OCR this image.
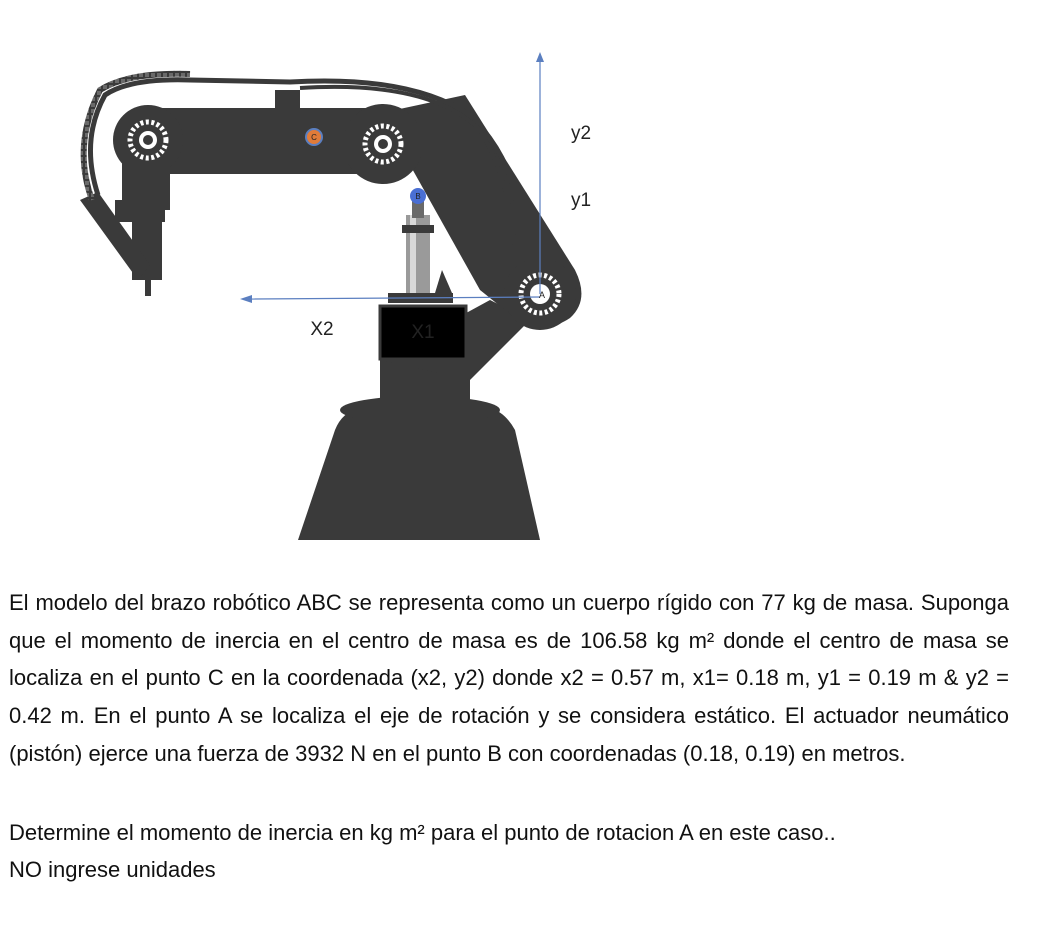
C
B
A
X1
X2
y2
y1

El modelo del brazo robótico ABC se representa como un cuerpo rígido con 77 kg de masa. Suponga que el momento de inercia en el centro de masa es de 106.58 kg m² donde el centro de masa se localiza en el punto C en la coordenada (x2, y2) donde x2 = 0.57 m, x1= 0.18 m, y1 = 0.19 m & y2 = 0.42 m. En el punto A se localiza el eje de rotación y se considera estático. El actuador neumático (pistón) ejerce una fuerza de 3932 N en el punto B con coordenadas (0.18, 0.19) en metros.

Determine el momento de inercia en kg m² para el punto de rotacion A en este caso..

NO ingrese unidades
